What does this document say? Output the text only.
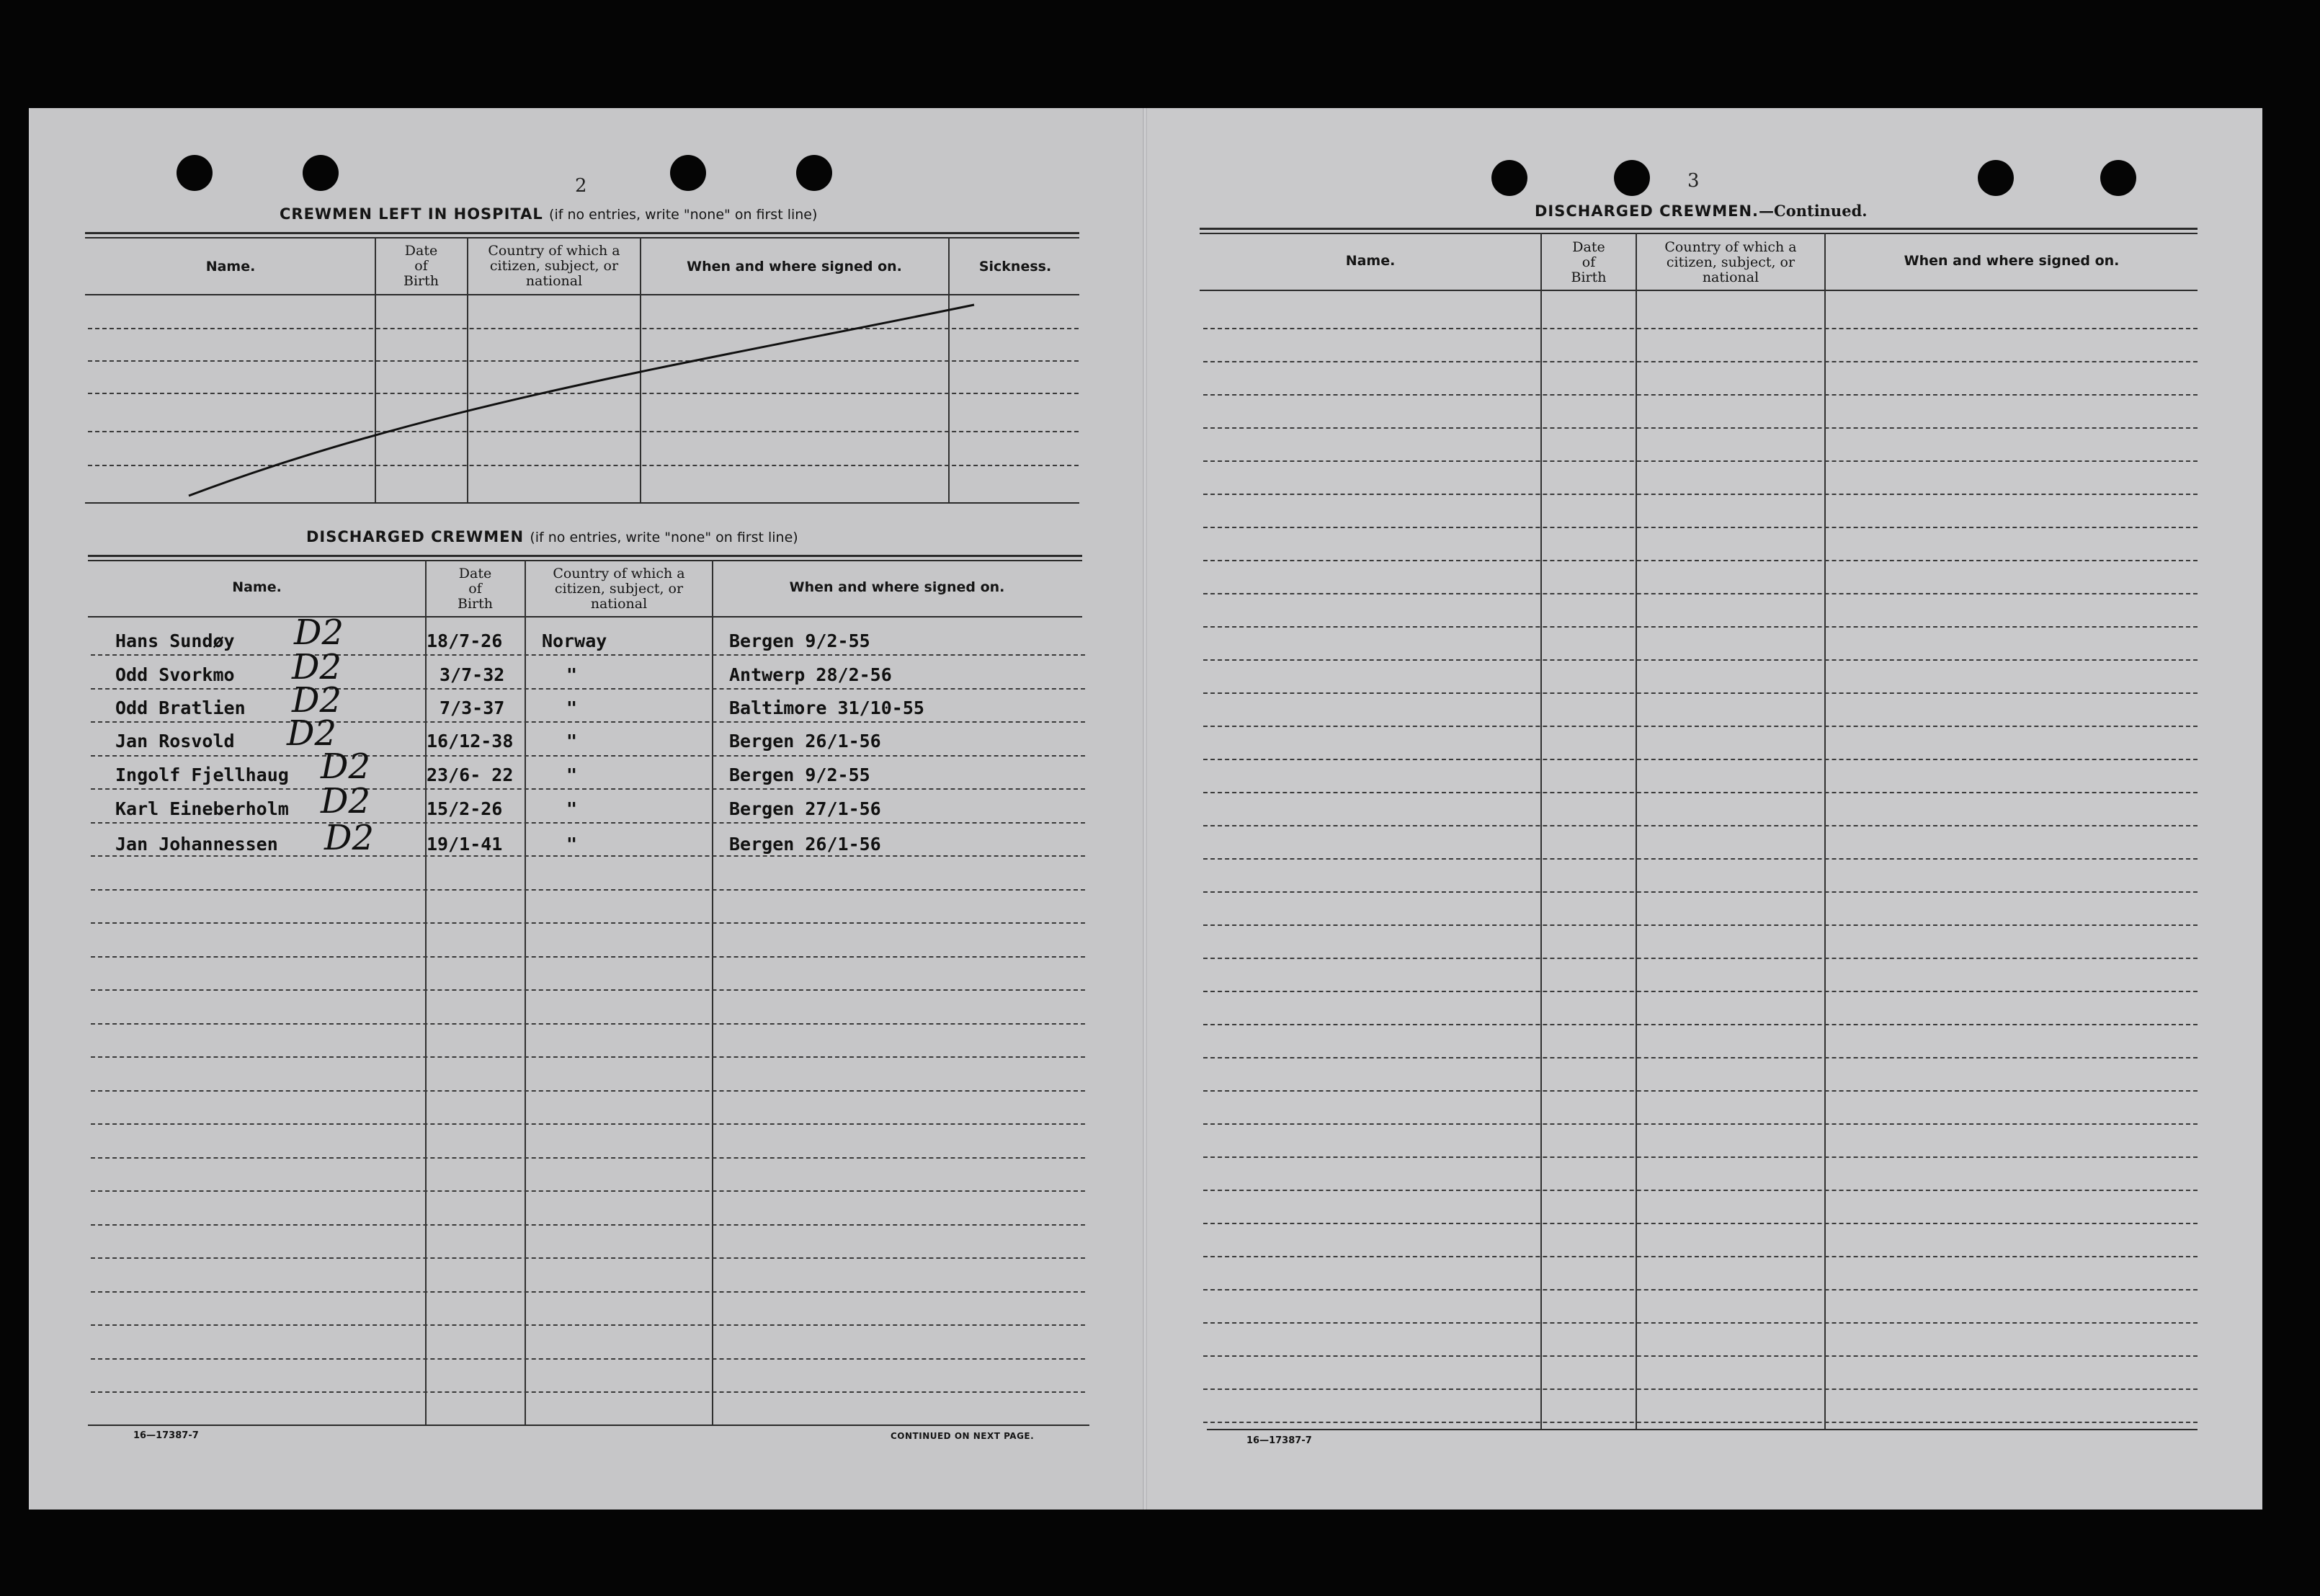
2
CREWMEN LEFT IN HOSPITAL (if no entries, write "none" on first line)
Name.
Date
of
Birth
Country of which a
citizen, subject, or
national
When and where signed on.	Sickness.
DISCHARGED CREWMEN (if no entries, write "none" on first line)
Name.
Date
of
Birth
Country of which a
citizen, subject, or
national
When and where signed on.
Hans Sundøy D2	18/7-26 Norway	Bergen 9/2-55
Odd Svorkmo D2	3/7-32	"	Antwerp 28/2-56
Odd Bratlien D2	7/3-37	"	Baltimore 31/10-55
Jan Rosvold D2	16/12-38	"	Bergen 26/1-56
Ingolf Fjellhaug D2	23/6- 22	"	Bergen 9/2-55
Karl Eineberholm D2	15/2-26	"	Bergen 27/1-56
Jan Johannessen D2	19/1-41	"	Bergen 26/1-56
16—17387-7	CONTINUED ON NEXT PAGE.
3
DISCHARGED CREWMEN.—Continued.
Name.
Date
of
Birth
Country of which a
citizen, subject, or
national
When and where signed on.
16—17387-7
